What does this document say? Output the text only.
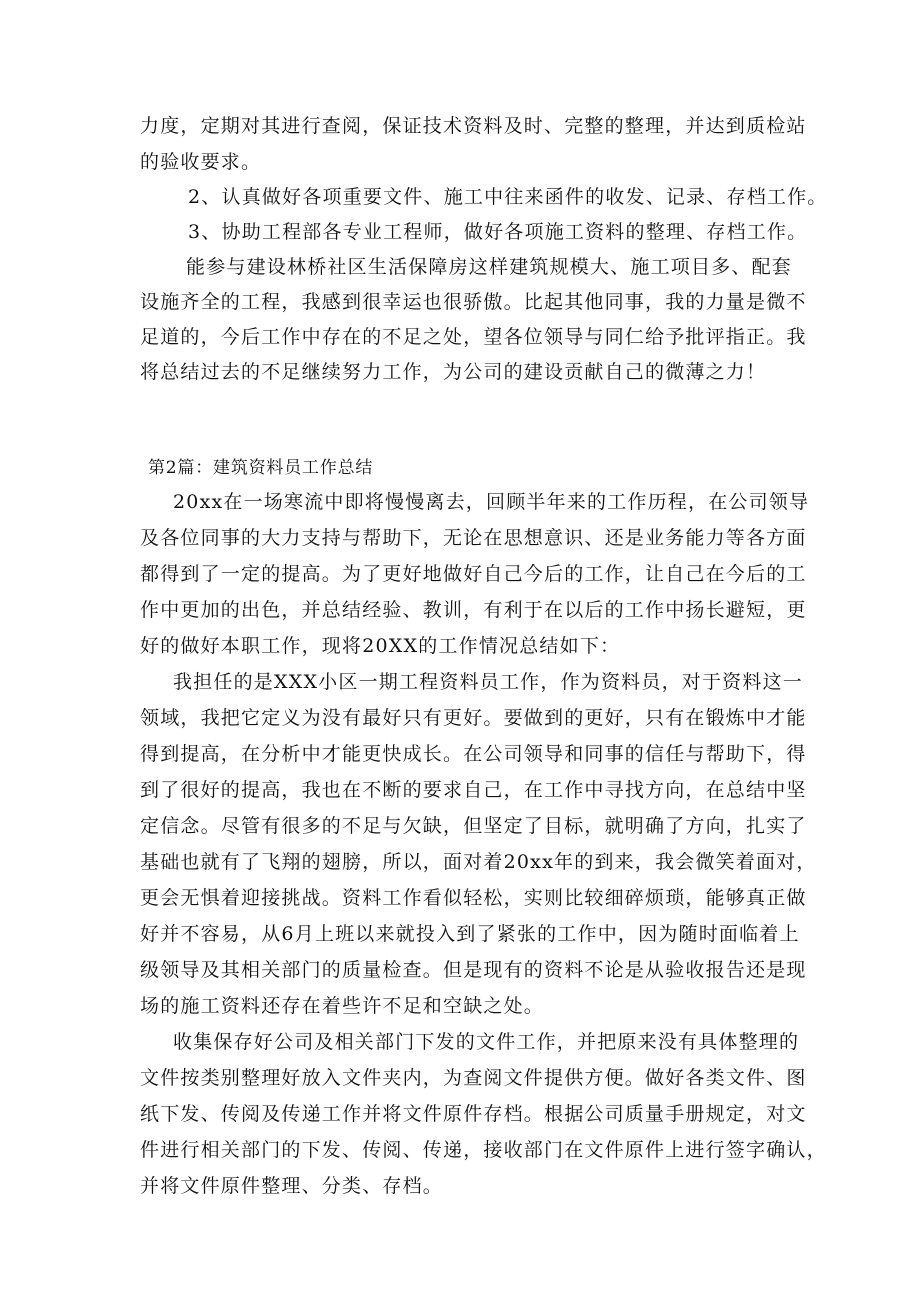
力度，定期对其进行查阅，保证技术资料及时、完整的整理，并达到质检站
的验收要求。
2、认真做好各项重要文件、施工中往来函件的收发、记录、存档工作。
3、协助工程部各专业工程师，做好各项施工资料的整理、存档工作。
能参与建设林桥社区生活保障房这样建筑规模大、施工项目多、配套
设施齐全的工程，我感到很幸运也很骄傲。比起其他同事，我的力量是微不
足道的，今后工作中存在的不足之处，望各位领导与同仁给予批评指正。我
将总结过去的不足继续努力工作，为公司的建设贡献自己的微薄之力！
第2篇：建筑资料员工作总结
20xx在一场寒流中即将慢慢离去，回顾半年来的工作历程，在公司领导
及各位同事的大力支持与帮助下，无论在思想意识、还是业务能力等各方面
都得到了一定的提高。为了更好地做好自己今后的工作，让自己在今后的工
作中更加的出色，并总结经验、教训，有利于在以后的工作中扬长避短，更
好的做好本职工作，现将20XX的工作情况总结如下：
我担任的是XXX小区一期工程资料员工作，作为资料员，对于资料这一
领域，我把它定义为没有最好只有更好。要做到的更好，只有在锻炼中才能
得到提高，在分析中才能更快成长。在公司领导和同事的信任与帮助下，得
到了很好的提高，我也在不断的要求自己，在工作中寻找方向，在总结中坚
定信念。尽管有很多的不足与欠缺，但坚定了目标，就明确了方向，扎实了
基础也就有了飞翔的翅膀，所以，面对着20xx年的到来，我会微笑着面对，
更会无惧着迎接挑战。资料工作看似轻松，实则比较细碎烦琐，能够真正做
好并不容易，从6月上班以来就投入到了紧张的工作中，因为随时面临着上
级领导及其相关部门的质量检查。但是现有的资料不论是从验收报告还是现
场的施工资料还存在着些许不足和空缺之处。
收集保存好公司及相关部门下发的文件工作，并把原来没有具体整理的
文件按类别整理好放入文件夹内，为查阅文件提供方便。做好各类文件、图
纸下发、传阅及传递工作并将文件原件存档。根据公司质量手册规定，对文
件进行相关部门的下发、传阅、传递，接收部门在文件原件上进行签字确认，
并将文件原件整理、分类、存档。
